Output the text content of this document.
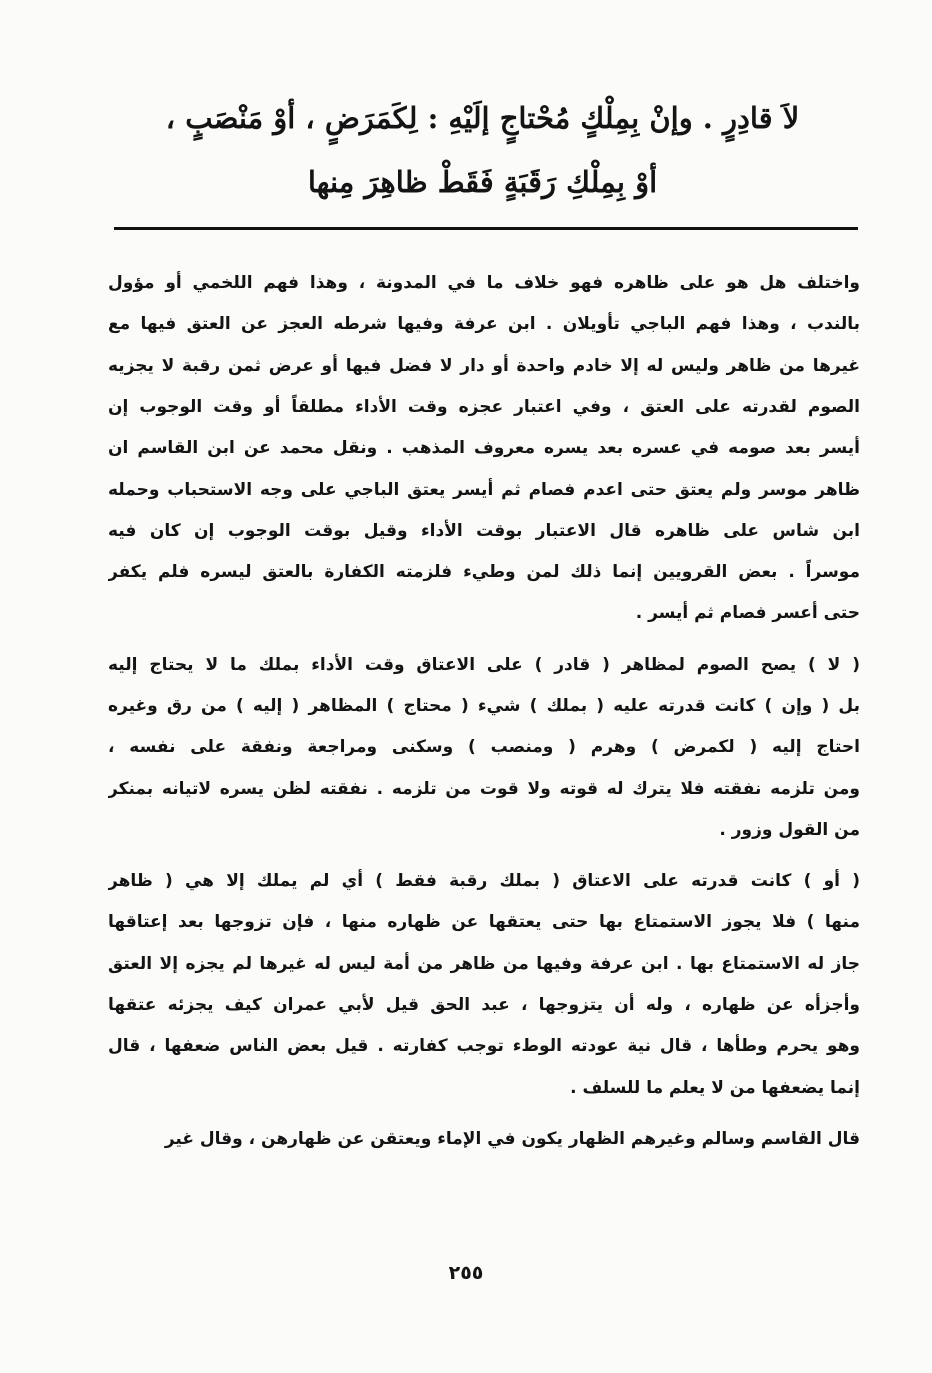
لاَ قادِرٍ . وإنْ بِمِلْكٍ مُحْتاجٍ إلَيْهِ : لِكَمَرَضٍ ، أوْ مَنْصَبٍ ،
أوْ بِمِلْكِ رَقَبَةٍ فَقَطْ ظاهِرَ مِنها
واختلف هل هو على ظاهره فهو خلاف ما في المدونة ، وهذا فهم اللخمي أو مؤول
بالندب ، وهذا فهم الباجي تأويلان . ابن عرفة وفيها شرطه العجز عن العتق فيها مع
غيرها من ظاهر وليس له إلا خادم واحدة أو دار لا فضل فيها أو عرض ثمن رقبة لا يجزيه
الصوم لقدرته على العتق ، وفي اعتبار عجزه وقت الأداء مطلقاً أو وقت الوجوب إن
أيسر بعد صومه في عسره بعد يسره معروف المذهب . ونقل محمد عن ابن القاسم ان
ظاهر موسر ولم يعتق حتى اعدم فصام ثم أيسر يعتق الباجي على وجه الاستحباب وحمله
ابن شاس على ظاهره قال الاعتبار بوقت الأداء وقيل بوقت الوجوب إن كان فيه
موسراً . بعض القرويين إنما ذلك لمن وطيء فلزمته الكفارة بالعتق ليسره فلم يكفر
حتى أعسر فصام ثم أيسر .
( لا ) يصح الصوم لمظاهر ( قادر ) على الاعتاق وقت الأداء بملك ما لا يحتاج إليه
بل ( وإن ) كانت قدرته عليه ( بملك ) شيء ( محتاج ) المظاهر ( إليه ) من رق وغيره
احتاج إليه ( لكمرض ) وهرم ( ومنصب ) وسكنى ومراجعة ونفقة على نفسه ،
ومن تلزمه نفقته فلا يترك له قوته ولا قوت من تلزمه . نفقته لظن يسره لاتيانه بمنكر
من القول وزور .
( أو ) كانت قدرته على الاعتاق ( بملك رقبة فقط ) أي لم يملك إلا هي ( ظاهر
منها ) فلا يجوز الاستمتاع بها حتى يعتقها عن ظهاره منها ، فإن تزوجها بعد إعتاقها
جاز له الاستمتاع بها . ابن عرفة وفيها من ظاهر من أمة ليس له غيرها لم يجزه إلا العتق
وأجزأه عن ظهاره ، وله أن يتزوجها ، عبد الحق قيل لأبي عمران كيف يجزئه عتقها
وهو يحرم وطأها ، قال نية عودته الوطء توجب كفارته . قيل بعض الناس ضعفها ، قال
إنما يضعفها من لا يعلم ما للسلف .
قال القاسم وسالم وغيرهم الظهار يكون في الإماء ويعتقن عن ظهارهن ، وقال غير
٢٥٥
